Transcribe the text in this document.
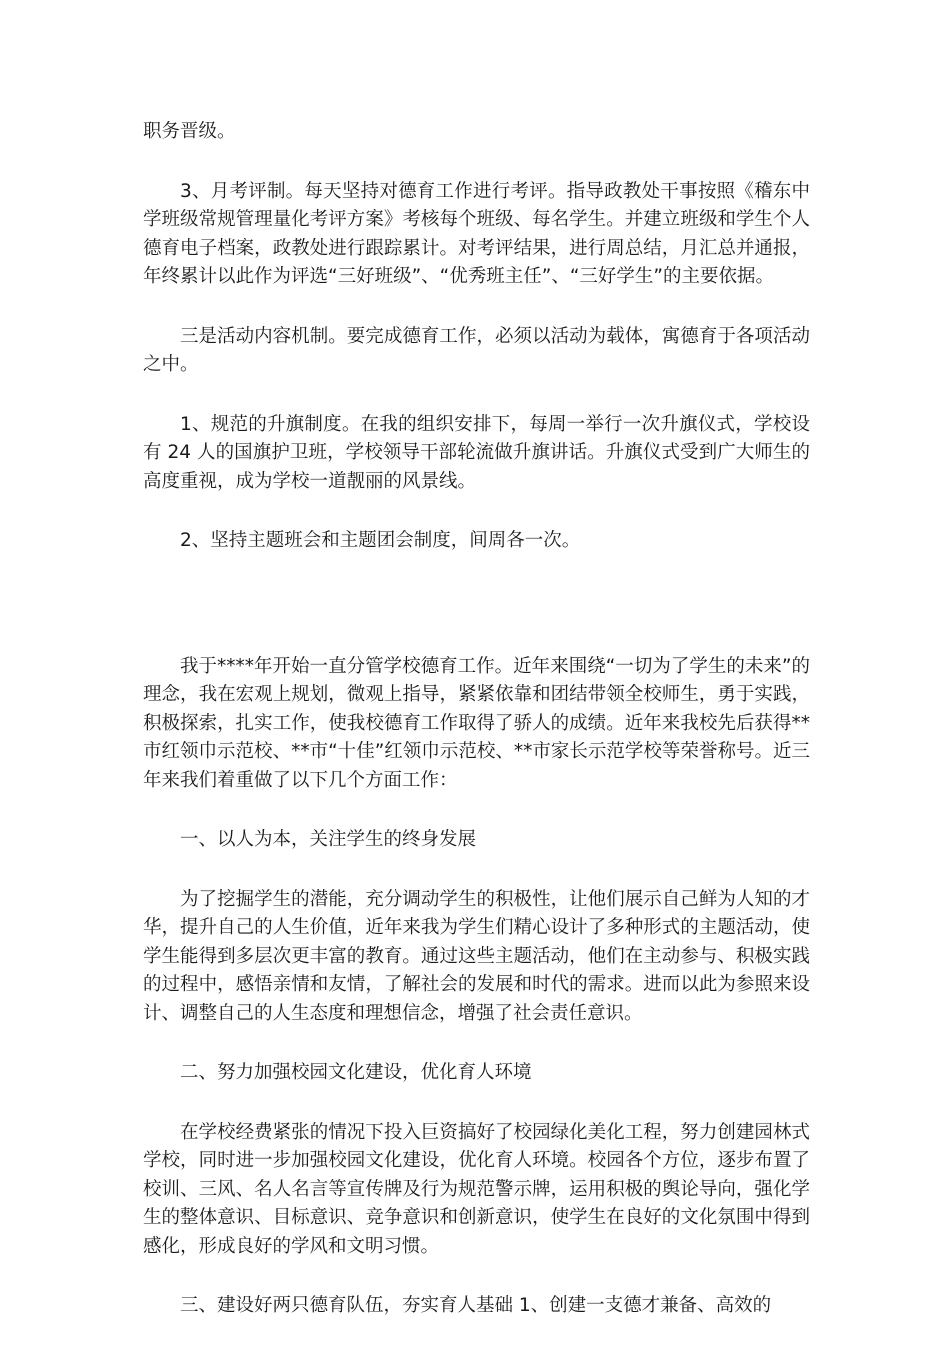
职务晋级。

3、月考评制。每天坚持对德育工作进行考评。指导政教处干事按照《稽东中学班级常规管理量化考评方案》考核每个班级、每名学生。并建立班级和学生个人德育电子档案，政教处进行跟踪累计。对考评结果，进行周总结，月汇总并通报，年终累计以此作为评选“三好班级”、“优秀班主任”、“三好学生”的主要依据。

三是活动内容机制。要完成德育工作，必须以活动为载体，寓德育于各项活动之中。

1、规范的升旗制度。在我的组织安排下，每周一举行一次升旗仪式，学校设有 24 人的国旗护卫班，学校领导干部轮流做升旗讲话。升旗仪式受到广大师生的高度重视，成为学校一道靓丽的风景线。

2、坚持主题班会和主题团会制度，间周各一次。

我于****年开始一直分管学校德育工作。近年来围绕“一切为了学生的未来”的理念，我在宏观上规划，微观上指导，紧紧依靠和团结带领全校师生，勇于实践，积极探索，扎实工作，使我校德育工作取得了骄人的成绩。近年来我校先后获得**市红领巾示范校、**市“十佳”红领巾示范校、**市家长示范学校等荣誉称号。近三年来我们着重做了以下几个方面工作：

一、以人为本，关注学生的终身发展

为了挖掘学生的潜能，充分调动学生的积极性，让他们展示自己鲜为人知的才华，提升自己的人生价值，近年来我为学生们精心设计了多种形式的主题活动，使学生能得到多层次更丰富的教育。通过这些主题活动，他们在主动参与、积极实践的过程中，感悟亲情和友情，了解社会的发展和时代的需求。进而以此为参照来设计、调整自己的人生态度和理想信念，增强了社会责任意识。

二、努力加强校园文化建设，优化育人环境

在学校经费紧张的情况下投入巨资搞好了校园绿化美化工程，努力创建园林式学校，同时进一步加强校园文化建设，优化育人环境。校园各个方位，逐步布置了校训、三风、名人名言等宣传牌及行为规范警示牌，运用积极的舆论导向，强化学生的整体意识、目标意识、竞争意识和创新意识，使学生在良好的文化氛围中得到感化，形成良好的学风和文明习惯。

三、建设好两只德育队伍，夯实育人基础 1、创建一支德才兼备、高效的
